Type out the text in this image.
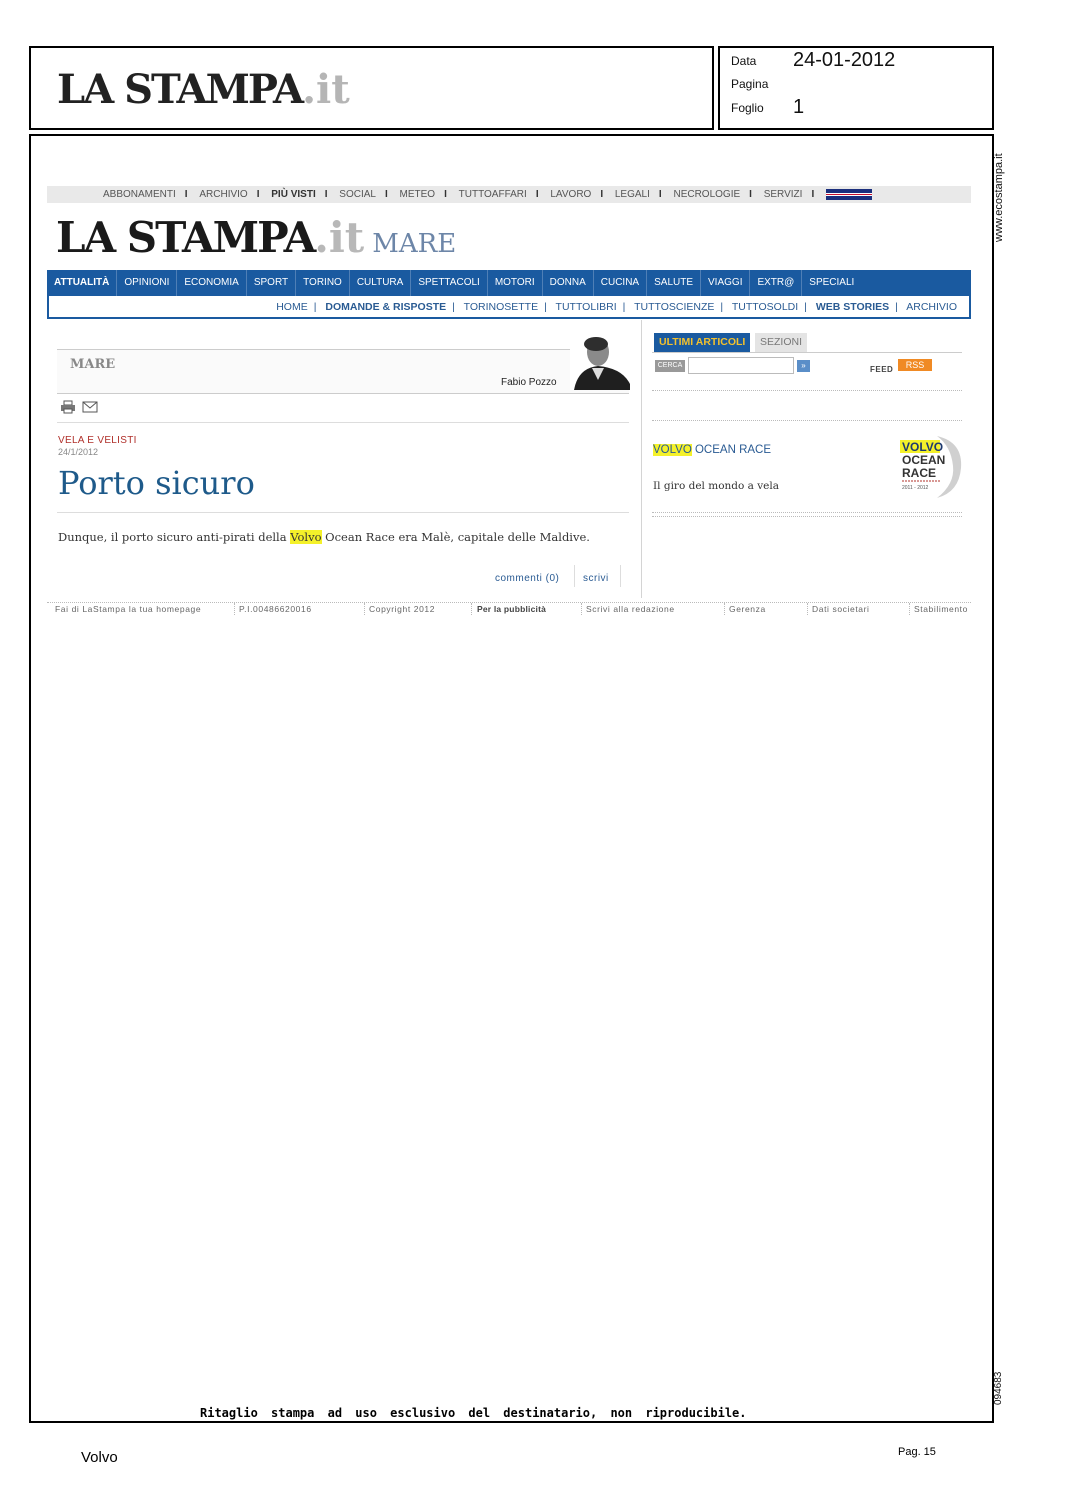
LA STAMPA.it
Data 24-01-2012
Pagina
Foglio 1
www.ecostampa.it
094683
ABBONAMENTI I ARCHIVIO I PIÙ VISTI I SOCIAL I METEO I TUTTOAFFARI I LAVORO I LEGALI I NECROLOGIE I SERVIZI I
LA STAMPA.it MARE
ATTUALITÀ OPINIONI ECONOMIA SPORT TORINO CULTURA SPETTACOLI MOTORI DONNA CUCINA SALUTE VIAGGI EXTR@ SPECIALI
HOME | DOMANDE & RISPOSTE | TORINOSETTE | TUTTOLIBRI | TUTTOSCIENZE | TUTTOSOLDI | WEB STORIES | ARCHIVIO
MARE
Fabio Pozzo

VELA E VELISTI
24/1/2012
Porto sicuro
Dunque, il porto sicuro anti-pirati della Volvo Ocean Race era Malè, capitale delle Maldive.
commenti (0) scrivi
ULTIMI ARTICOLI	SEZIONI
CERCA	»	FEED	RSS
VOLVO OCEAN RACE
Il giro del mondo a vela
VOLVO
OCEAN
RACE
2011 - 2012
Fai di LaStampa la tua homepage	P.I.00486620016	Copyright 2012	Per la pubblicità	Scrivi alla redazione	Gerenza	Dati societari	Stabilimento
Ritaglio stampa ad uso esclusivo del destinatario, non riproducibile.
Volvo	Pag. 15
